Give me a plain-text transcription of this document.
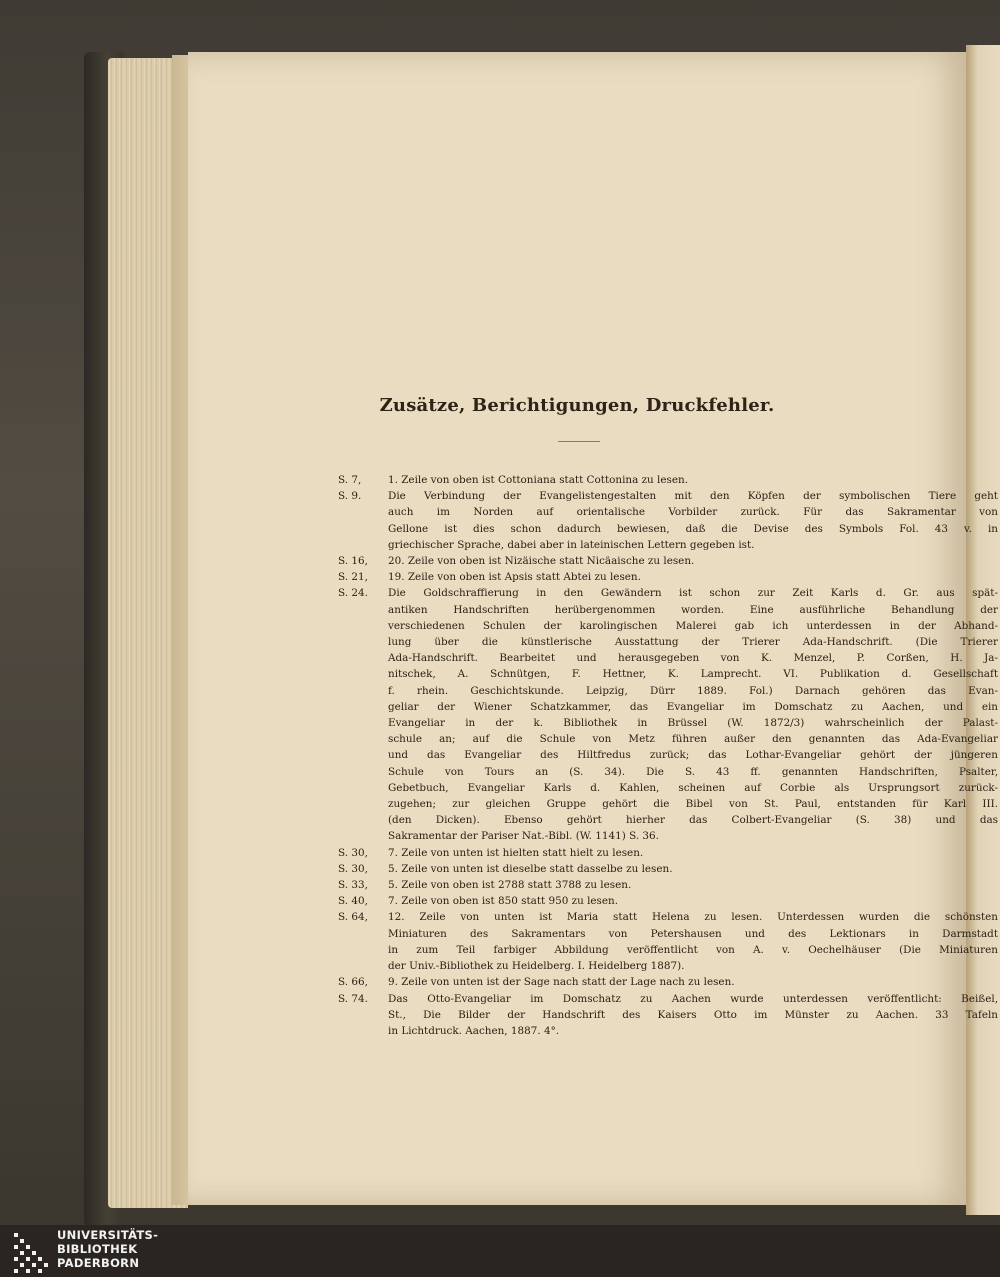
Zusätze, Berichtigungen, Druckfehler.
S. 7,	1. Zeile von oben ist Cottoniana statt Cottonina zu lesen.
S. 9.	Die Verbindung der Evangelistengestalten mit den Köpfen der symbolischen Tiere geht
auch im Norden auf orientalische Vorbilder zurück. Für das Sakramentar von
Gellone ist dies schon dadurch bewiesen, daß die Devise des Symbols Fol. 43 v. in
griechischer Sprache, dabei aber in lateinischen Lettern gegeben ist.
S. 16,	20. Zeile von oben ist Nizäische statt Nicäaische zu lesen.
S. 21,	19. Zeile von oben ist Apsis statt Abtei zu lesen.
S. 24.	Die Goldschraffierung in den Gewändern ist schon zur Zeit Karls d. Gr. aus spät-
antiken Handschriften herübergenommen worden. Eine ausführliche Behandlung der
verschiedenen Schulen der karolingischen Malerei gab ich unterdessen in der Abhand-
lung über die künstlerische Ausstattung der Trierer Ada-Handschrift. (Die Trierer
Ada-Handschrift. Bearbeitet und herausgegeben von K. Menzel, P. Corßen, H. Ja-
nitschek, A. Schnütgen, F. Hettner, K. Lamprecht. VI. Publikation d. Gesellschaft
f. rhein. Geschichtskunde. Leipzig, Dürr 1889. Fol.) Darnach gehören das Evan-
geliar der Wiener Schatzkammer, das Evangeliar im Domschatz zu Aachen, und ein
Evangeliar in der k. Bibliothek in Brüssel (W. 1872/3) wahrscheinlich der Palast-
schule an; auf die Schule von Metz führen außer den genannten das Ada-Evangeliar
und das Evangeliar des Hiltfredus zurück; das Lothar-Evangeliar gehört der jüngeren
Schule von Tours an (S. 34). Die S. 43 ff. genannten Handschriften, Psalter,
Gebetbuch, Evangeliar Karls d. Kahlen, scheinen auf Corbie als Ursprungsort zurück-
zugehen; zur gleichen Gruppe gehört die Bibel von St. Paul, entstanden für Karl III.
(den Dicken). Ebenso gehört hierher das Colbert-Evangeliar (S. 38) und das
Sakramentar der Pariser Nat.-Bibl. (W. 1141) S. 36.
S. 30,	7. Zeile von unten ist hielten statt hielt zu lesen.
S. 30,	5. Zeile von unten ist dieselbe statt dasselbe zu lesen.
S. 33,	5. Zeile von oben ist 2788 statt 3788 zu lesen.
S. 40,	7. Zeile von oben ist 850 statt 950 zu lesen.
S. 64,	12. Zeile von unten ist Maria statt Helena zu lesen. Unterdessen wurden die schönsten
Miniaturen des Sakramentars von Petershausen und des Lektionars in Darmstadt
in zum Teil farbiger Abbildung veröffentlicht von A. v. Oechelhäuser (Die Miniaturen
der Univ.-Bibliothek zu Heidelberg. I. Heidelberg 1887).
S. 66,	9. Zeile von unten ist der Sage nach statt der Lage nach zu lesen.
S. 74.	Das Otto-Evangeliar im Domschatz zu Aachen wurde unterdessen veröffentlicht: Beißel,
St., Die Bilder der Handschrift des Kaisers Otto im Münster zu Aachen. 33 Tafeln
in Lichtdruck. Aachen, 1887. 4°.
UNIVERSITÄTS-
BIBLIOTHEK
PADERBORN
